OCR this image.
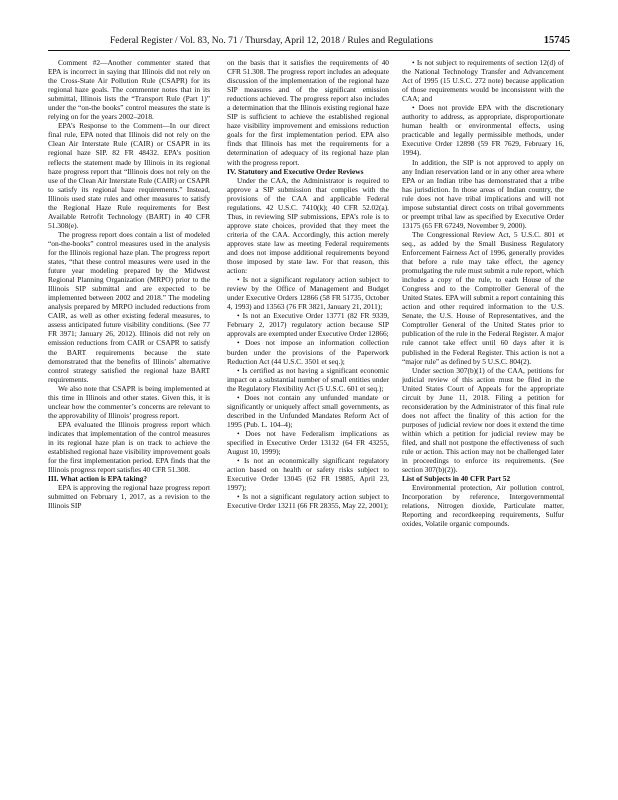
Federal Register / Vol. 83, No. 71 / Thursday, April 12, 2018 / Rules and Regulations	15745

Comment #2—Another commenter stated that EPA is incorrect in saying that Illinois did not rely on the Cross-State Air Pollution Rule (CSAPR) for its regional haze goals. The commenter notes that in its submittal, Illinois lists the “Transport Rule (Part 1)” under the “on-the books” control measures the state is relying on for the years 2002–2018.

EPA’s Response to the Comment—In our direct final rule, EPA noted that Illinois did not rely on the Clean Air Interstate Rule (CAIR) or CSAPR in its regional haze SIP. 82 FR 48432. EPA’s position reflects the statement made by Illinois in its regional haze progress report that “Illinois does not rely on the use of the Clean Air Interstate Rule (CAIR) or CSAPR to satisfy its regional haze requirements.” Instead, Illinois used state rules and other measures to satisfy the Regional Haze Rule requirements for Best Available Retrofit Technology (BART) in 40 CFR 51.308(e).

The progress report does contain a list of modeled “on-the-books” control measures used in the analysis for the Illinois regional haze plan. The progress report states, “that these control measures were used in the future year modeling prepared by the Midwest Regional Planning Organization (MRPO) prior to the Illinois SIP submittal and are expected to be implemented between 2002 and 2018.” The modeling analysis prepared by MRPO included reductions from CAIR, as well as other existing federal measures, to assess anticipated future visibility conditions. (See 77 FR 3971; January 26, 2012). Illinois did not rely on emission reductions from CAIR or CSAPR to satisfy the BART requirements because the state demonstrated that the benefits of Illinois’ alternative control strategy satisfied the regional haze BART requirements.

We also note that CSAPR is being implemented at this time in Illinois and other states. Given this, it is unclear how the commenter’s concerns are relevant to the approvability of Illinois’ progress report.

EPA evaluated the Illinois progress report which indicates that implementation of the control measures in its regional haze plan is on track to achieve the established regional haze visibility improvement goals for the first implementation period. EPA finds that the Illinois progress report satisfies 40 CFR 51.308.

III. What action is EPA taking?

EPA is approving the regional haze progress report submitted on February 1, 2017, as a revision to the Illinois SIP

on the basis that it satisfies the requirements of 40 CFR 51.308. The progress report includes an adequate discussion of the implementation of the regional haze SIP measures and of the significant emission reductions achieved. The progress report also includes a determination that the Illinois existing regional haze SIP is sufficient to achieve the established regional haze visibility improvement and emissions reduction goals for the first implementation period. EPA also finds that Illinois has met the requirements for a determination of adequacy of its regional haze plan with the progress report.

IV. Statutory and Executive Order Reviews

Under the CAA, the Administrator is required to approve a SIP submission that complies with the provisions of the CAA and applicable Federal regulations. 42 U.S.C. 7410(k); 40 CFR 52.02(a). Thus, in reviewing SIP submissions, EPA’s role is to approve state choices, provided that they meet the criteria of the CAA. Accordingly, this action merely approves state law as meeting Federal requirements and does not impose additional requirements beyond those imposed by state law. For that reason, this action:

• Is not a significant regulatory action subject to review by the Office of Management and Budget under Executive Orders 12866 (58 FR 51735, October 4, 1993) and 13563 (76 FR 3821, January 21, 2011);

• Is not an Executive Order 13771 (82 FR 9339, February 2, 2017) regulatory action because SIP approvals are exempted under Executive Order 12866;

• Does not impose an information collection burden under the provisions of the Paperwork Reduction Act (44 U.S.C. 3501 et seq.);

• Is certified as not having a significant economic impact on a substantial number of small entities under the Regulatory Flexibility Act (5 U.S.C. 601 et seq.);

• Does not contain any unfunded mandate or significantly or uniquely affect small governments, as described in the Unfunded Mandates Reform Act of 1995 (Pub. L. 104–4);

• Does not have Federalism implications as specified in Executive Order 13132 (64 FR 43255, August 10, 1999);

• Is not an economically significant regulatory action based on health or safety risks subject to Executive Order 13045 (62 FR 19885, April 23, 1997);

• Is not a significant regulatory action subject to Executive Order 13211 (66 FR 28355, May 22, 2001);

• Is not subject to requirements of section 12(d) of the National Technology Transfer and Advancement Act of 1995 (15 U.S.C. 272 note) because application of those requirements would be inconsistent with the CAA; and

• Does not provide EPA with the discretionary authority to address, as appropriate, disproportionate human health or environmental effects, using practicable and legally permissible methods, under Executive Order 12898 (59 FR 7629, February 16, 1994).

In addition, the SIP is not approved to apply on any Indian reservation land or in any other area where EPA or an Indian tribe has demonstrated that a tribe has jurisdiction. In those areas of Indian country, the rule does not have tribal implications and will not impose substantial direct costs on tribal governments or preempt tribal law as specified by Executive Order 13175 (65 FR 67249, November 9, 2000).

The Congressional Review Act, 5 U.S.C. 801 et seq., as added by the Small Business Regulatory Enforcement Fairness Act of 1996, generally provides that before a rule may take effect, the agency promulgating the rule must submit a rule report, which includes a copy of the rule, to each House of the Congress and to the Comptroller General of the United States. EPA will submit a report containing this action and other required information to the U.S. Senate, the U.S. House of Representatives, and the Comptroller General of the United States prior to publication of the rule in the Federal Register. A major rule cannot take effect until 60 days after it is published in the Federal Register. This action is not a “major rule” as defined by 5 U.S.C. 804(2).

Under section 307(b)(1) of the CAA, petitions for judicial review of this action must be filed in the United States Court of Appeals for the appropriate circuit by June 11, 2018. Filing a petition for reconsideration by the Administrator of this final rule does not affect the finality of this action for the purposes of judicial review nor does it extend the time within which a petition for judicial review may be filed, and shall not postpone the effectiveness of such rule or action. This action may not be challenged later in proceedings to enforce its requirements. (See section 307(b)(2)).

List of Subjects in 40 CFR Part 52

Environmental protection, Air pollution control, Incorporation by reference, Intergovernmental relations, Nitrogen dioxide, Particulate matter, Reporting and recordkeeping requirements, Sulfur oxides, Volatile organic compounds.
